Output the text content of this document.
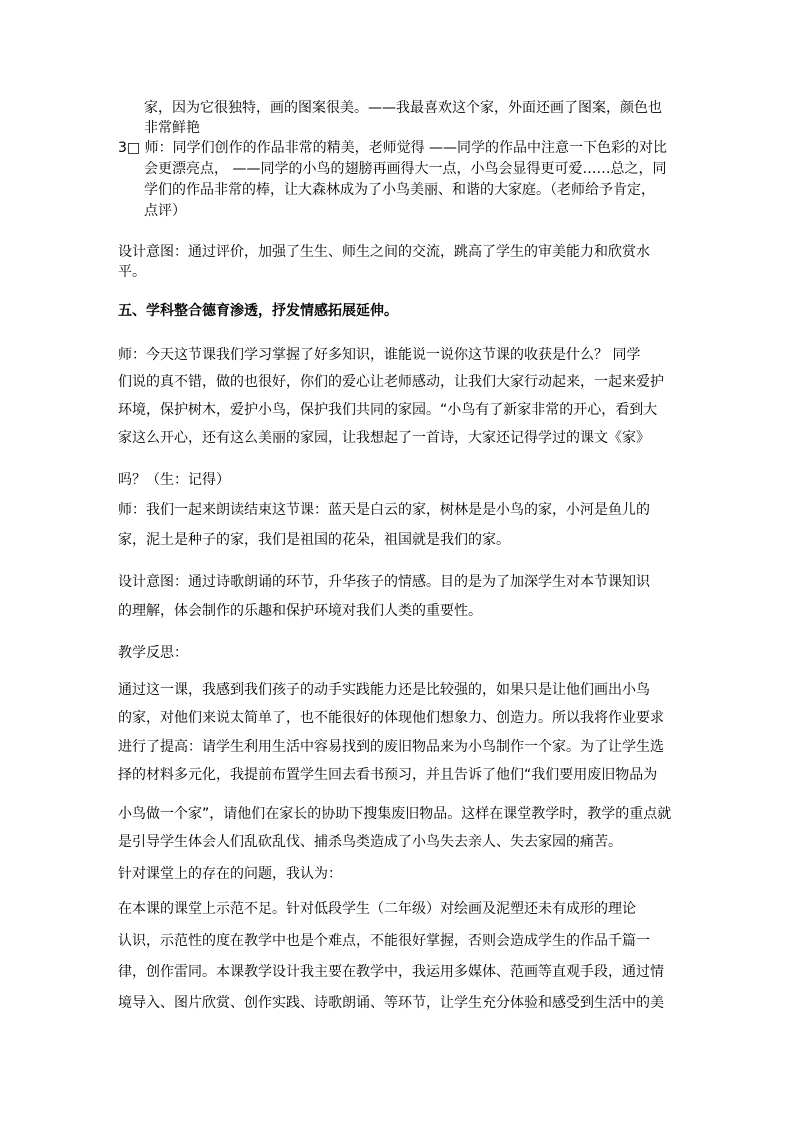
家，因为它很独特，画的图案很美。——我最喜欢这个家，外面还画了图案，颜色也
非常鲜艳
3□ 师：同学们创作的作品非常的精美，老师觉得 ——同学的作品中注意一下色彩的对比
会更漂亮点， ——同学的小鸟的翅膀再画得大一点，小鸟会显得更可爱……总之，同
学们的作品非常的棒，让大森林成为了小鸟美丽、和谐的大家庭。（老师给予肯定，
点评）
设计意图：通过评价，加强了生生、师生之间的交流，跳高了学生的审美能力和欣赏水
平。
五、学科整合德育渗透，抒发情感拓展延伸。
师：今天这节课我们学习掌握了好多知识，谁能说一说你这节课的收获是什么？ 同学
们说的真不错，做的也很好，你们的爱心让老师感动，让我们大家行动起来，一起来爱护
环境，保护树木，爱护小鸟，保护我们共同的家园。“小鸟有了新家非常的开心，看到大
家这么开心，还有这么美丽的家园，让我想起了一首诗，大家还记得学过的课文《家》
吗？（生：记得）
师：我们一起来朗读结束这节课：蓝天是白云的家，树林是是小鸟的家，小河是鱼儿的
家，泥土是种子的家，我们是祖国的花朵，祖国就是我们的家。
设计意图：通过诗歌朗诵的环节，升华孩子的情感。目的是为了加深学生对本节课知识
的理解，体会制作的乐趣和保护环境对我们人类的重要性。
教学反思：
通过这一课，我感到我们孩子的动手实践能力还是比较强的，如果只是让他们画出小鸟
的家，对他们来说太简单了，也不能很好的体现他们想象力、创造力。所以我将作业要求
进行了提高：请学生利用生活中容易找到的废旧物品来为小鸟制作一个家。为了让学生选
择的材料多元化，我提前布置学生回去看书预习，并且告诉了他们“我们要用废旧物品为
小鸟做一个家”，请他们在家长的协助下搜集废旧物品。这样在课堂教学时，教学的重点就
是引导学生体会人们乱砍乱伐、捕杀鸟类造成了小鸟失去亲人、失去家园的痛苦。
针对课堂上的存在的问题，我认为：
在本课的课堂上示范不足。针对低段学生（二年级）对绘画及泥塑还未有成形的理论
认识，示范性的度在教学中也是个难点，不能很好掌握，否则会造成学生的作品千篇一
律，创作雷同。本课教学设计我主要在教学中，我运用多媒体、范画等直观手段，通过情
境导入、图片欣赏、创作实践、诗歌朗诵、等环节，让学生充分体验和感受到生活中的美
